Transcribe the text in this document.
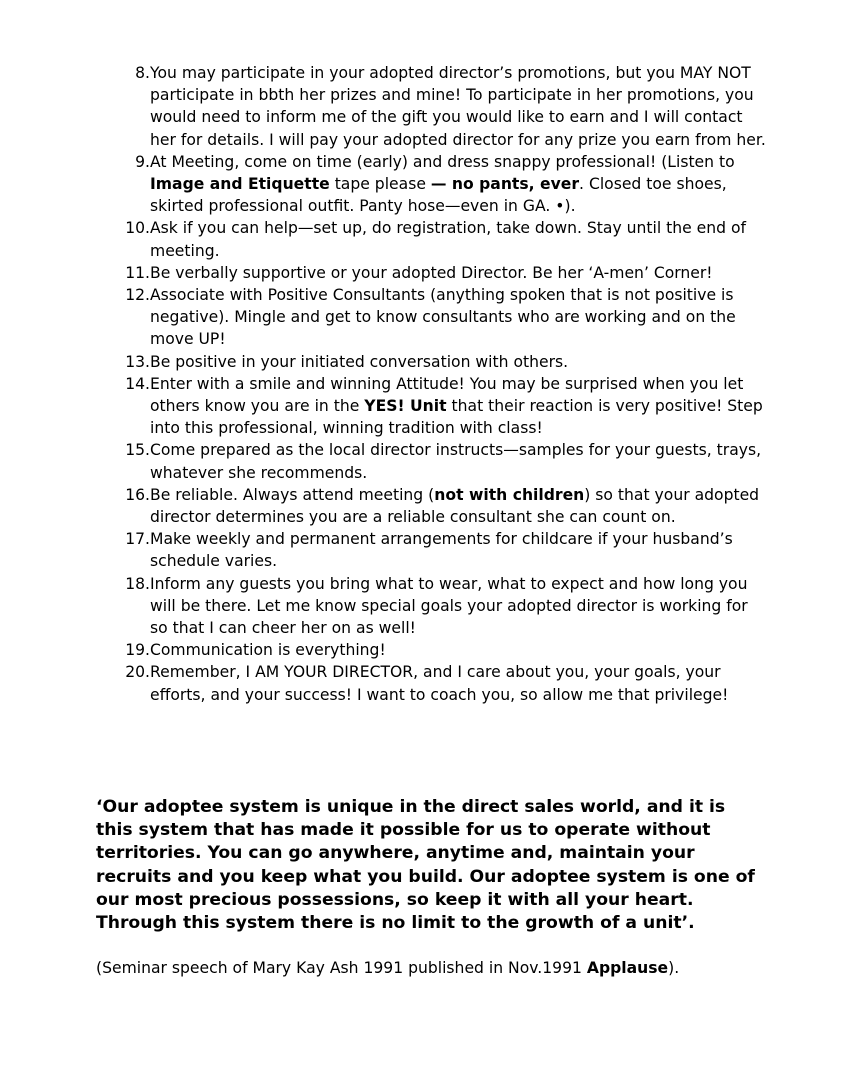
8. You may participate in your adopted director’s promotions, but you MAY NOT participate in bbth her prizes and mine! To participate in her promotions, you would need to inform me of the gift you would like to earn and I will contact her for details. I will pay your adopted director for any prize you earn from her.
9. At Meeting, come on time (early) and dress snappy professional! (Listen to Image and Etiquette tape please — no pants, ever. Closed toe shoes, skirted professional outfit. Panty hose—even in GA. •).
10. Ask if you can help—set up, do registration, take down. Stay until the end of meeting.
11. Be verbally supportive or your adopted Director. Be her ‘A-men’ Corner!
12. Associate with Positive Consultants (anything spoken that is not positive is negative). Mingle and get to know consultants who are working and on the move UP!
13. Be positive in your initiated conversation with others.
14. Enter with a smile and winning Attitude! You may be surprised when you let others know you are in the YES! Unit that their reaction is very positive! Step into this professional, winning tradition with class!
15. Come prepared as the local director instructs—samples for your guests, trays, whatever she recommends.
16. Be reliable. Always attend meeting (not with children) so that your adopted director determines you are a reliable consultant she can count on.
17. Make weekly and permanent arrangements for childcare if your husband’s schedule varies.
18. Inform any guests you bring what to wear, what to expect and how long you will be there. Let me know special goals your adopted director is working for so that I can cheer her on as well!
19. Communication is everything!
20. Remember, I AM YOUR DIRECTOR, and I care about you, your goals, your efforts, and your success! I want to coach you, so allow me that privilege!

‘Our adoptee system is unique in the direct sales world, and it is this system that has made it possible for us to operate without territories. You can go anywhere, anytime and, maintain your recruits and you keep what you build. Our adoptee system is one of our most precious possessions, so keep it with all your heart. Through this system there is no limit to the growth of a unit’.

(Seminar speech of Mary Kay Ash 1991 published in Nov.1991 Applause).
